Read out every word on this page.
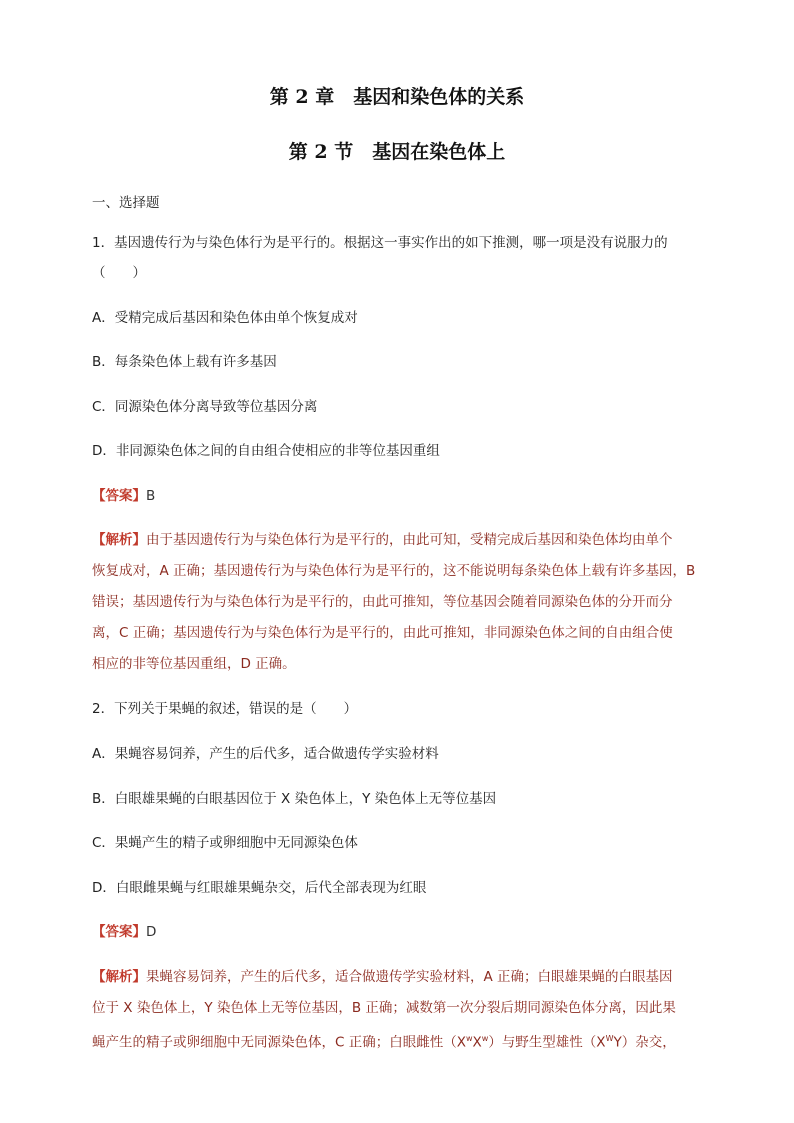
第 2 章　基因和染色体的关系
第 2 节　基因在染色体上
一、选择题
1．基因遗传行为与染色体行为是平行的。根据这一事实作出的如下推测，哪一项是没有说服力的
（　　）
A．受精完成后基因和染色体由单个恢复成对
B．每条染色体上载有许多基因
C．同源染色体分离导致等位基因分离
D．非同源染色体之间的自由组合使相应的非等位基因重组
【答案】B
【解析】由于基因遗传行为与染色体行为是平行的，由此可知，受精完成后基因和染色体均由单个
恢复成对，A 正确；基因遗传行为与染色体行为是平行的，这不能说明每条染色体上载有许多基因，B
错误；基因遗传行为与染色体行为是平行的，由此可推知，等位基因会随着同源染色体的分开而分
离，C 正确；基因遗传行为与染色体行为是平行的，由此可推知，非同源染色体之间的自由组合使
相应的非等位基因重组，D 正确。
2．下列关于果蝇的叙述，错误的是（　　）
A．果蝇容易饲养，产生的后代多，适合做遗传学实验材料
B．白眼雄果蝇的白眼基因位于 X 染色体上，Y 染色体上无等位基因
C．果蝇产生的精子或卵细胞中无同源染色体
D．白眼雌果蝇与红眼雄果蝇杂交，后代全部表现为红眼
【答案】D
【解析】果蝇容易饲养，产生的后代多，适合做遗传学实验材料，A 正确；白眼雄果蝇的白眼基因
位于 X 染色体上，Y 染色体上无等位基因，B 正确；减数第一次分裂后期同源染色体分离，因此果
蝇产生的精子或卵细胞中无同源染色体，C 正确；白眼雌性$(X^wX^w)$与野生型雄性$(X^WY)$杂交，
